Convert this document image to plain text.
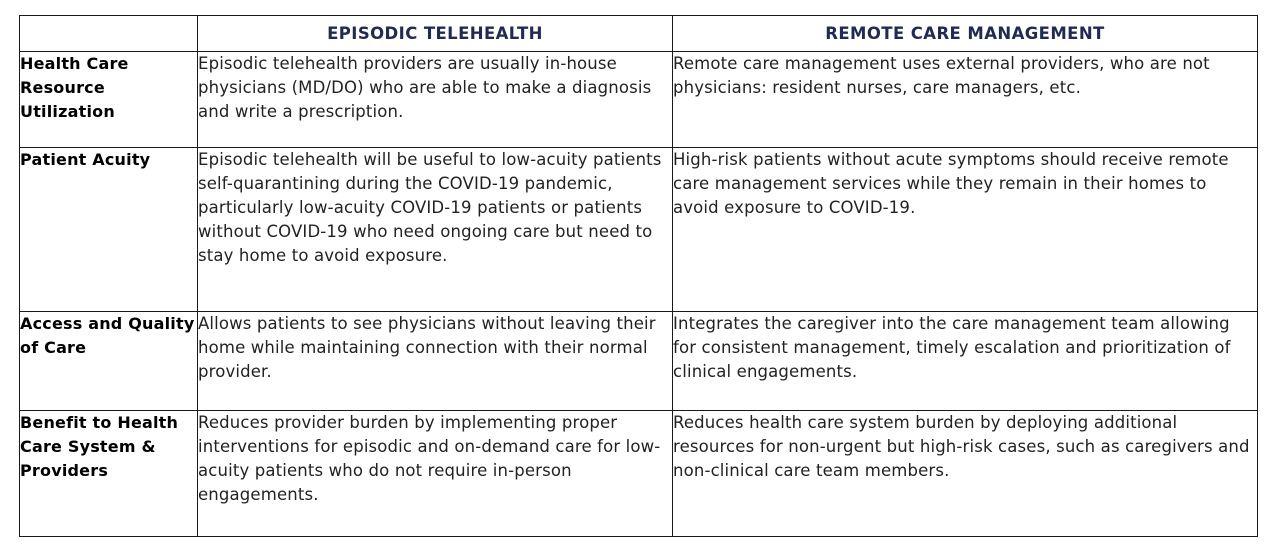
	EPISODIC TELEHEALTH	REMOTE CARE MANAGEMENT
Health Care Resource Utilization	Episodic telehealth providers are usually in-house physicians (MD/DO) who are able to make a diagnosis and write a prescription.	Remote care management uses external providers, who are not physicians: resident nurses, care managers, etc.
Patient Acuity	Episodic telehealth will be useful to low-acuity patients self-quarantining during the COVID-19 pandemic, particularly low-acuity COVID-19 patients or patients without COVID-19 who need ongoing care but need to stay home to avoid exposure.	High-risk patients without acute symptoms should receive remote care management services while they remain in their homes to avoid exposure to COVID-19.
Access and Quality of Care	Allows patients to see physicians without leaving their home while maintaining connection with their normal provider.	Integrates the caregiver into the care management team allowing for consistent management, timely escalation and prioritization of clinical engagements.
Benefit to Health Care System & Providers	Reduces provider burden by implementing proper interventions for episodic and on-demand care for low-acuity patients who do not require in-person engagements.	Reduces health care system burden by deploying additional resources for non-urgent but high-risk cases, such as caregivers and non-clinical care team members.
